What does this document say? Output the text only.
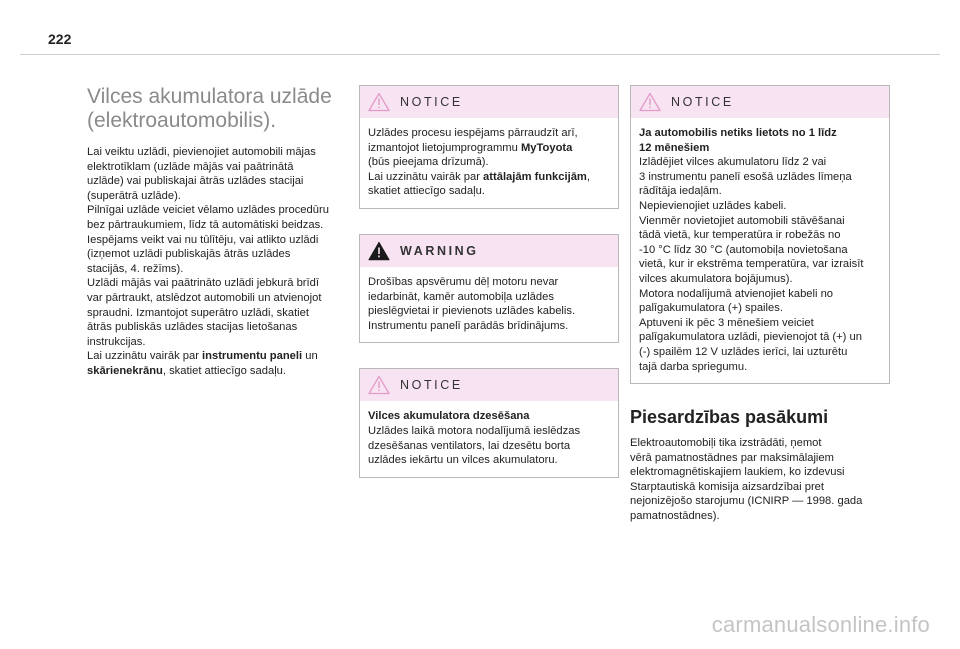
222
Vilces akumulatora uzlāde
(elektroautomobilis).

Lai veiktu uzlādi, pievienojiet automobili mājas

elektrotīklam (uzlāde mājās vai paātrinātā

uzlāde) vai publiskajai ātrās uzlādes stacijai

(superātrā uzlāde).

Pilnīgai uzlāde veiciet vēlamo uzlādes procedūru

bez pārtraukumiem, līdz tā automātiski beidzas.

Iespējams veikt vai nu tūlītēju, vai atlikto uzlādi

(izņemot uzlādi publiskajās ātrās uzlādes

stacijās, 4. režīms).

Uzlādi mājās vai paātrināto uzlādi jebkurā brīdī

var pārtraukt, atslēdzot automobili un atvienojot

spraudni. Izmantojot superātro uzlādi, skatiet

ātrās publiskās uzlādes stacijas lietošanas

instrukcijas.

Lai uzzinātu vairāk par instrumentu paneli un

skārienekrānu, skatiet attiecīgo sadaļu.

NOTICE

Uzlādes procesu iespējams pārraudzīt arī,

izmantojot lietojumprogrammu MyToyota

(būs pieejama drīzumā).

Lai uzzinātu vairāk par attālajām funkcijām,

skatiet attiecīgo sadaļu.

WARNING

Drošības apsvērumu dēļ motoru nevar

iedarbināt, kamēr automobiļa uzlādes

pieslēgvietai ir pievienots uzlādes kabelis.

Instrumentu panelī parādās brīdinājums.

NOTICE

Vilces akumulatora dzesēšana

Uzlādes laikā motora nodalījumā ieslēdzas

dzesēšanas ventilators, lai dzesētu borta

uzlādes iekārtu un vilces akumulatoru.

NOTICE

Ja automobilis netiks lietots no 1 līdz

12 mēnešiem

Izlādējiet vilces akumulatoru līdz 2 vai

3 instrumentu panelī esošā uzlādes līmeņa

rādītāja iedaļām.

Nepievienojiet uzlādes kabeli.

Vienmēr novietojiet automobili stāvēšanai

tādā vietā, kur temperatūra ir robežās no

-10 °C līdz 30 °C (automobiļa novietošana

vietā, kur ir ekstrēma temperatūra, var izraisīt

vilces akumulatora bojājumus).

Motora nodalījumā atvienojiet kabeli no

palīgakumulatora (+) spailes.

Aptuveni ik pēc 3 mēnešiem veiciet

palīgakumulatora uzlādi, pievienojot tā (+) un

(-) spailēm 12 V uzlādes ierīci, lai uzturētu

tajā darba spriegumu.

Piesardzības pasākumi

Elektroautomobiļi tika izstrādāti, ņemot

vērā pamatnostādnes par maksimālajiem

elektromagnētiskajiem laukiem, ko izdevusi

Starptautiskā komisija aizsardzībai pret

nejonizējošo starojumu (ICNIRP — 1998. gada

pamatnostādnes).

carmanualsonline.info
